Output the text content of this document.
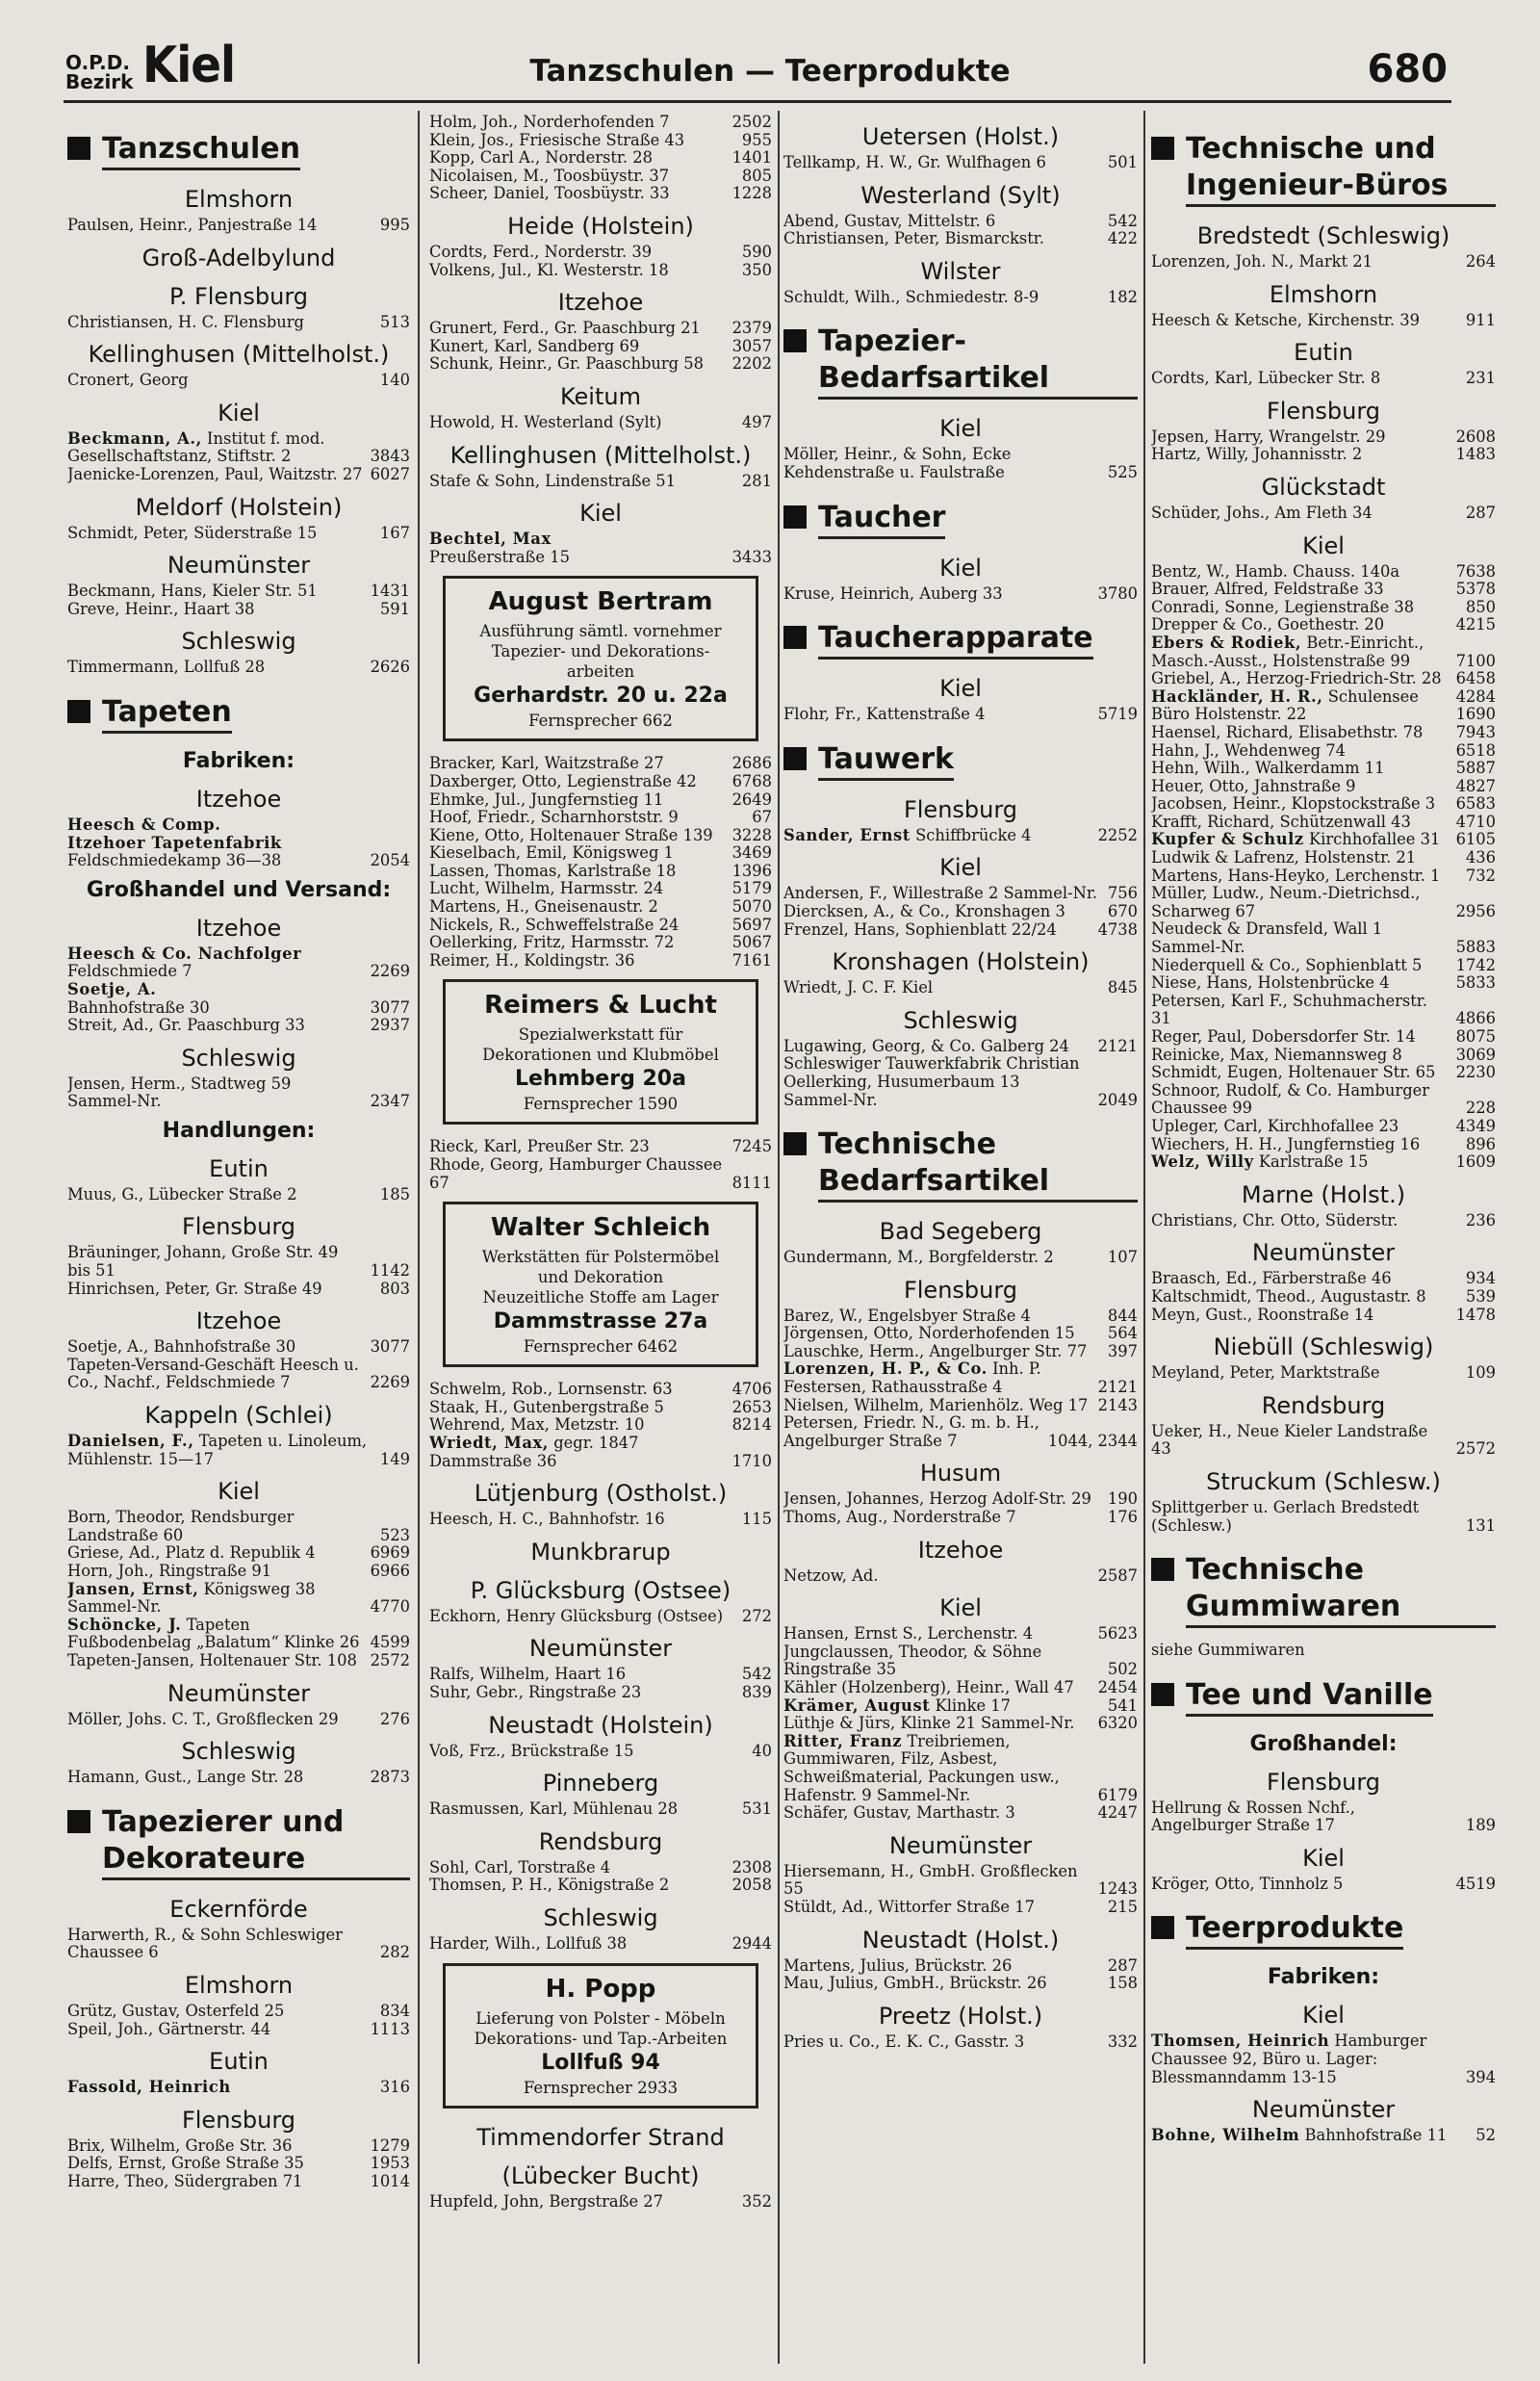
O.P.D.
Bezirk Kiel	Tanzschulen — Teerprodukte	680
Tanzschulen
Elmshorn
Paulsen, Heinr., Panjestraße 14	995
Groß-Adelbylund
P. Flensburg
Christiansen, H. C. Flensburg	513
Kellinghusen (Mittelholst.)
Cronert, Georg	140
Kiel
Beckmann, A., Institut f. mod. Gesellschaftstanz, Stiftstr. 2	3843
Jaenicke-Lorenzen, Paul, Waitzstr. 27 6027
Meldorf (Holstein)
Schmidt, Peter, Süderstraße 15	167
Neumünster
Beckmann, Hans, Kieler Str. 51	1431
Greve, Heinr., Haart 38	591
Schleswig
Timmermann, Lollfuß 28	2626
Tapeten
Fabriken:
Itzehoe
Heesch & Comp.
Itzehoer Tapetenfabrik
Feldschmiedekamp 36—38	2054
Großhandel und Versand:
Itzehoe
Heesch & Co. Nachfolger
Feldschmiede 7	2269
Soetje, A.
Bahnhofstraße 30	3077
Streit, Ad., Gr. Paaschburg 33	2937
Schleswig
Jensen, Herm., Stadtweg 59 Sammel-Nr.	2347
Handlungen:
Eutin
Muus, G., Lübecker Straße 2	185
Flensburg
Bräuninger, Johann, Große Str. 49 bis 51	1142
Hinrichsen, Peter, Gr. Straße 49	803
Itzehoe
Soetje, A., Bahnhofstraße 30	3077
Tapeten-Versand-Geschäft Heesch u. Co., Nachf., Feldschmiede 7	2269
Kappeln (Schlei)
Danielsen, F., Tapeten u. Linoleum, Mühlenstr. 15—17	149
Kiel
Born, Theodor, Rendsburger Landstraße 60	523
Griese, Ad., Platz d. Republik 4	6969
Horn, Joh., Ringstraße 91	6966
Jansen, Ernst, Königsweg 38 Sammel-Nr.	4770
Schöncke, J. Tapeten Fußbodenbelag „Balatum“ Klinke 26 4599
Tapeten-Jansen, Holtenauer Str. 108 2572
Neumünster
Möller, Johs. C. T., Großflecken 29	276
Schleswig
Hamann, Gust., Lange Str. 28	2873
Tapezierer und Dekorateure
Eckernförde
Harwerth, R., & Sohn Schleswiger Chaussee 6	282
Elmshorn
Grütz, Gustav, Osterfeld 25	834
Speil, Joh., Gärtnerstr. 44	1113
Eutin
Fassold, Heinrich	316
Flensburg
Brix, Wilhelm, Große Str. 36	1279
Delfs, Ernst, Große Straße 35	1953
Harre, Theo, Südergraben 71	1014
Holm, Joh., Norderhofenden 7	2502
Klein, Jos., Friesische Straße 43	955
Kopp, Carl A., Norderstr. 28	1401
Nicolaisen, M., Toosbüystr. 37	805
Scheer, Daniel, Toosbüystr. 33	1228
Heide (Holstein)
Cordts, Ferd., Norderstr. 39	590
Volkens, Jul., Kl. Westerstr. 18	350
Itzehoe
Grunert, Ferd., Gr. Paaschburg 21	2379
Kunert, Karl, Sandberg 69	3057
Schunk, Heinr., Gr. Paaschburg 58	2202
Keitum
Howold, H. Westerland (Sylt)	497
Kellinghusen (Mittelholst.)
Stafe & Sohn, Lindenstraße 51	281
Kiel
Bechtel, Max
Preußerstraße 15	3433
August Bertram
Ausführung sämtl. vornehmer
Tapezier- und Dekorations-
arbeiten
Gerhardstr. 20 u. 22a
Fernsprecher 662
Bracker, Karl, Waitzstraße 27	2686
Daxberger, Otto, Legienstraße 42	6768
Ehmke, Jul., Jungfernstieg 11	2649
Hoof, Friedr., Scharnhorststr. 9	67
Kiene, Otto, Holtenauer Straße 139	3228
Kieselbach, Emil, Königsweg 1	3469
Lassen, Thomas, Karlstraße 18	1396
Lucht, Wilhelm, Harmsstr. 24	5179
Martens, H., Gneisenaustr. 2	5070
Nickels, R., Schweffelstraße 24	5697
Oellerking, Fritz, Harmsstr. 72	5067
Reimer, H., Koldingstr. 36	7161
Reimers & Lucht
Spezialwerkstatt für
Dekorationen und Klubmöbel
Lehmberg 20a
Fernsprecher 1590
Rieck, Karl, Preußer Str. 23	7245
Rhode, Georg, Hamburger Chaussee 67	8111
Walter Schleich
Werkstätten für Polstermöbel
und Dekoration
Neuzeitliche Stoffe am Lager
Dammstrasse 27a
Fernsprecher 6462
Schwelm, Rob., Lornsenstr. 63	4706
Staak, H., Gutenbergstraße 5	2653
Wehrend, Max, Metzstr. 10	8214
Wriedt, Max, gegr. 1847 Dammstraße 36	1710
Lütjenburg (Ostholst.)
Heesch, H. C., Bahnhofstr. 16	115
Munkbrarup
P. Glücksburg (Ostsee)
Eckhorn, Henry Glücksburg (Ostsee)	272
Neumünster
Ralfs, Wilhelm, Haart 16	542
Suhr, Gebr., Ringstraße 23	839
Neustadt (Holstein)
Voß, Frz., Brückstraße 15	40
Pinneberg
Rasmussen, Karl, Mühlenau 28	531
Rendsburg
Sohl, Carl, Torstraße 4	2308
Thomsen, P. H., Königstraße 2	2058
Schleswig
Harder, Wilh., Lollfuß 38	2944
H. Popp
Lieferung von Polster - Möbeln
Dekorations- und Tap.-Arbeiten
Lollfuß 94
Fernsprecher 2933
Timmendorfer Strand
(Lübecker Bucht)
Hupfeld, John, Bergstraße 27	352
Uetersen (Holst.)
Tellkamp, H. W., Gr. Wulfhagen 6	501
Westerland (Sylt)
Abend, Gustav, Mittelstr. 6	542
Christiansen, Peter, Bismarckstr.	422
Wilster
Schuldt, Wilh., Schmiedestr. 8-9	182
Tapezier-Bedarfsartikel
Kiel
Möller, Heinr., & Sohn, Ecke Kehdenstraße u. Faulstraße	525
Taucher
Kiel
Kruse, Heinrich, Auberg 33	3780
Taucherapparate
Kiel
Flohr, Fr., Kattenstraße 4	5719
Tauwerk
Flensburg
Sander, Ernst Schiffbrücke 4	2252
Kiel
Andersen, F., Willestraße 2 Sammel-Nr. 756
Diercksen, A., & Co., Kronshagen 3	670
Frenzel, Hans, Sophienblatt 22/24	4738
Kronshagen (Holstein)
Wriedt, J. C. F. Kiel	845
Schleswig
Lugawing, Georg, & Co. Galberg 24	2121
Schleswiger Tauwerkfabrik Christian Oellerking, Husumerbaum 13 Sammel-Nr.	2049
Technische Bedarfsartikel
Bad Segeberg
Gundermann, M., Borgfelderstr. 2	107
Flensburg
Barez, W., Engelsbyer Straße 4	844
Jörgensen, Otto, Norderhofenden 15	564
Lauschke, Herm., Angelburger Str. 77	397
Lorenzen, H. P., & Co. Inh. P. Festersen, Rathausstraße 4	2121
Nielsen, Wilhelm, Marienhölz. Weg 17 2143
Petersen, Friedr. N., G. m. b. H., Angelburger Straße 7	1044, 2344
Husum
Jensen, Johannes, Herzog Adolf-Str. 29	190
Thoms, Aug., Norderstraße 7	176
Itzehoe
Netzow, Ad.	2587
Kiel
Hansen, Ernst S., Lerchenstr. 4	5623
Jungclaussen, Theodor, & Söhne Ringstraße 35	502
Kähler (Holzenberg), Heinr., Wall 47	2454
Krämer, August Klinke 17	541
Lüthje & Jürs, Klinke 21 Sammel-Nr.	6320
Ritter, Franz Treibriemen, Gummiwaren, Filz, Asbest, Schweißmaterial, Packungen usw., Hafenstr. 9 Sammel-Nr.	6179
Schäfer, Gustav, Marthastr. 3	4247
Neumünster
Hiersemann, H., GmbH. Großflecken 55	1243
Stüldt, Ad., Wittorfer Straße 17	215
Neustadt (Holst.)
Martens, Julius, Brückstr. 26	287
Mau, Julius, GmbH., Brückstr. 26	158
Preetz (Holst.)
Pries u. Co., E. K. C., Gasstr. 3	332
Technische und Ingenieur-Büros
Bredstedt (Schleswig)
Lorenzen, Joh. N., Markt 21	264
Elmshorn
Heesch & Ketsche, Kirchenstr. 39	911
Eutin
Cordts, Karl, Lübecker Str. 8	231
Flensburg
Jepsen, Harry, Wrangelstr. 29	2608
Hartz, Willy, Johannisstr. 2	1483
Glückstadt
Schüder, Johs., Am Fleth 34	287
Kiel
Bentz, W., Hamb. Chauss. 140a	7638
Brauer, Alfred, Feldstraße 33	5378
Conradi, Sonne, Legienstraße 38	850
Drepper & Co., Goethestr. 20	4215
Ebers & Rodiek, Betr.-Einricht., Masch.-Ausst., Holstenstraße 99	7100
Griebel, A., Herzog-Friedrich-Str. 28 6458
Hackländer, H. R., Schulensee	4284
Büro Holstenstr. 22	1690
Haensel, Richard, Elisabethstr. 78	7943
Hahn, J., Wehdenweg 74	6518
Hehn, Wilh., Walkerdamm 11	5887
Heuer, Otto, Jahnstraße 9	4827
Jacobsen, Heinr., Klopstockstraße 3	6583
Krafft, Richard, Schützenwall 43	4710
Kupfer & Schulz Kirchhofallee 31 6105
Ludwik & Lafrenz, Holstenstr. 21	436
Martens, Hans-Heyko, Lerchenstr. 1	732
Müller, Ludw., Neum.-Dietrichsd., Scharweg 67	2956
Neudeck & Dransfeld, Wall 1 Sammel-Nr.	5883
Niederquell & Co., Sophienblatt 5	1742
Niese, Hans, Holstenbrücke 4	5833
Petersen, Karl F., Schuhmacherstr. 31	4866
Reger, Paul, Dobersdorfer Str. 14	8075
Reinicke, Max, Niemannsweg 8	3069
Schmidt, Eugen, Holtenauer Str. 65	2230
Schnoor, Rudolf, & Co. Hamburger Chaussee 99	228
Upleger, Carl, Kirchhofallee 23	4349
Wiechers, H. H., Jungfernstieg 16	896
Welz, Willy Karlstraße 15	1609
Marne (Holst.)
Christians, Chr. Otto, Süderstr.	236
Neumünster
Braasch, Ed., Färberstraße 46	934
Kaltschmidt, Theod., Augustastr. 8	539
Meyn, Gust., Roonstraße 14	1478
Niebüll (Schleswig)
Meyland, Peter, Marktstraße	109
Rendsburg
Ueker, H., Neue Kieler Landstraße 43	2572
Struckum (Schlesw.)
Splittgerber u. Gerlach Bredstedt (Schlesw.)	131
Technische Gummiwaren
siehe Gummiwaren
Tee und Vanille
Großhandel:
Flensburg
Hellrung & Rossen Nchf., Angelburger Straße 17	189
Kiel
Kröger, Otto, Tinnholz 5	4519
Teerprodukte
Fabriken:
Kiel
Thomsen, Heinrich Hamburger Chaussee 92, Büro u. Lager: Blessmanndamm 13-15	394
Neumünster
Bohne, Wilhelm Bahnhofstraße 11	52
